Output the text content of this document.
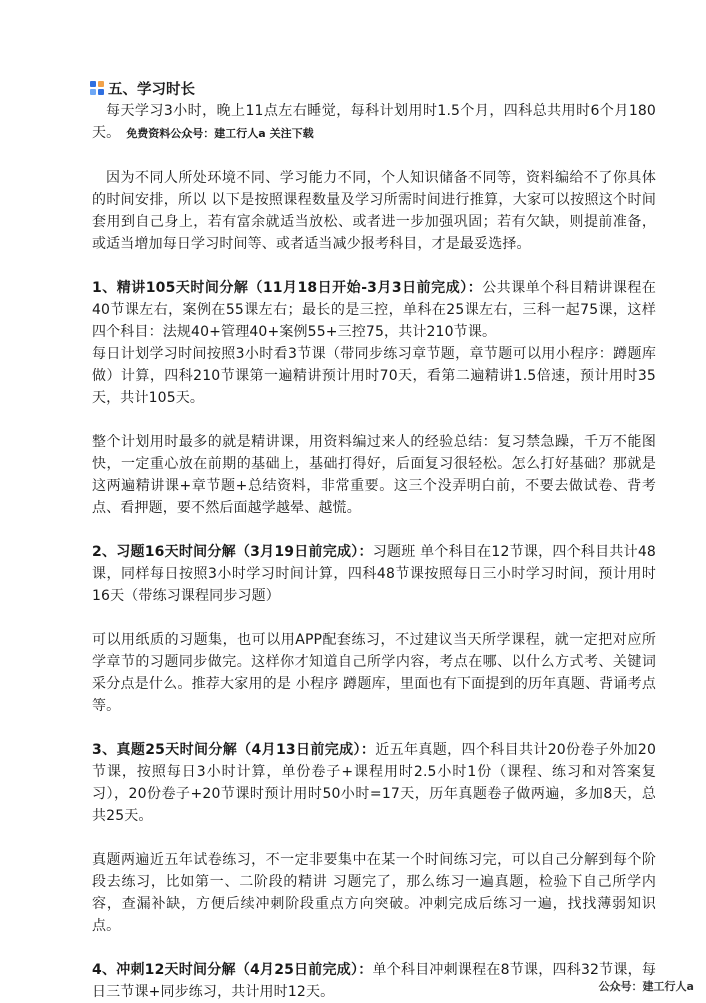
五、学习时长

每天学习3小时，晚上11点左右睡觉，每科计划用时1.5个月，四科总共用时6个月180天。 免费资料公众号：建工行人a 关注下载

因为不同人所处环境不同、学习能力不同，个人知识储备不同等，资料编给不了你具体的时间安排，所以 以下是按照课程数量及学习所需时间进行推算，大家可以按照这个时间套用到自己身上，若有富余就适当放松、或者进一步加强巩固；若有欠缺，则提前准备，或适当增加每日学习时间等、或者适当减少报考科目，才是最妥选择。

1、精讲105天时间分解（11月18日开始-3月3日前完成）：公共课单个科目精讲课程在40节课左右，案例在55课左右；最长的是三控，单科在25课左右，三科一起75课，这样四个科目：法规40+管理40+案例55+三控75，共计210节课。

每日计划学习时间按照3小时看3节课（带同步练习章节题，章节题可以用小程序：蹲题库 做）计算，四科210节课第一遍精讲预计用时70天，看第二遍精讲1.5倍速，预计用时35天，共计105天。

整个计划用时最多的就是精讲课，用资料编过来人的经验总结：复习禁急躁，千万不能图快，一定重心放在前期的基础上，基础打得好，后面复习很轻松。怎么打好基础？那就是这两遍精讲课+章节题+总结资料，非常重要。这三个没弄明白前，不要去做试卷、背考点、看押题，要不然后面越学越晕、越慌。

2、习题16天时间分解（3月19日前完成）：习题班 单个科目在12节课，四个科目共计48课，同样每日按照3小时学习时间计算，四科48节课按照每日三小时学习时间，预计用时16天（带练习课程同步习题）

可以用纸质的习题集，也可以用APP配套练习，不过建议当天所学课程，就一定把对应所学章节的习题同步做完。这样你才知道自己所学内容，考点在哪、以什么方式考、关键词采分点是什么。推荐大家用的是 小程序 蹲题库，里面也有下面提到的历年真题、背诵考点等。

3、真题25天时间分解（4月13日前完成）：近五年真题，四个科目共计20份卷子外加20节课，按照每日3小时计算，单份卷子+课程用时2.5小时1份（课程、练习和对答案复习），20份卷子+20节课时预计用时50小时=17天，历年真题卷子做两遍，多加8天，总共25天。

真题两遍近五年试卷练习，不一定非要集中在某一个时间练习完，可以自己分解到每个阶段去练习，比如第一、二阶段的精讲 习题完了，那么练习一遍真题，检验下自己所学内容，查漏补缺，方便后续冲刺阶段重点方向突破。冲刺完成后练习一遍，找找薄弱知识点。

4、冲刺12天时间分解（4月25日前完成）：单个科目冲刺课程在8节课，四科32节课，每日三节课+同步练习，共计用时12天。	公众号：建工行人a
